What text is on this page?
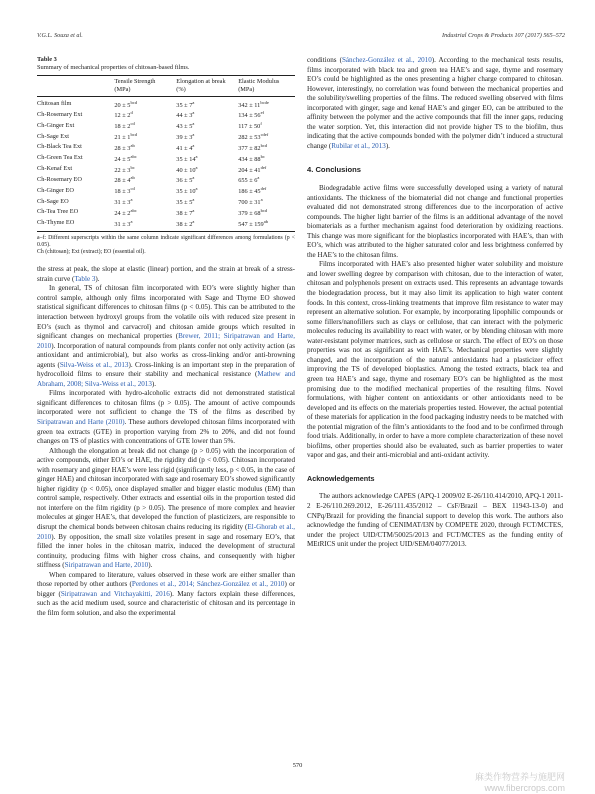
V.G.L. Souza et al.	Industrial Crops & Products 107 (2017) 565–572
Table 3
Summary of mechanical properties of chitosan-based films.
	Tensile Strength (MPa)	Elongation at break (%)	Elastic Modulus (MPa)
Chitosan film	$20 \pm 5^{bcd}$	$35 \pm 7^a$	$342 \pm 11^{bcde}$
Ch-Rosemary Ext	$12 \pm 2^d$	$44 \pm 3^a$	$134 \pm 56^{ef}$
Ch-Ginger Ext	$18 \pm 2^{cd}$	$43 \pm 5^a$	$117 \pm 50^f$
Ch-Sage Ext	$21 \pm 1^{bcd}$	$39 \pm 3^a$	$282 \pm 53^{cdef}$
Ch-Black Tea Ext	$28 \pm 3^{ab}$	$41 \pm 4^a$	$377 \pm 82^{bcd}$
Ch-Green Tea Ext	$24 \pm 5^{abc}$	$35 \pm 14^a$	$434 \pm 88^{bc}$
Ch-Kenaf Ext	$22 \pm 3^{bc}$	$40 \pm 10^a$	$204 \pm 41^{def}$
Ch-Rosemary EO	$28 \pm 4^{ab}$	$36 \pm 5^a$	$655 \pm 6^a$
Ch-Ginger EO	$18 \pm 3^{cd}$	$35 \pm 10^a$	$186 \pm 45^{def}$
Ch-Sage EO	$31 \pm 3^a$	$35 \pm 5^a$	$700 \pm 31^a$
Ch-Tea Tree EO	$24 \pm 2^{abc}$	$38 \pm 7^a$	$379 \pm 68^{bcd}$
Ch-Thyme EO	$31 \pm 3^a$	$38 \pm 2^a$	$547 \pm 159^{ab}$
a–f: Different superscripts within the same column indicate significant differences among formulations (p < 0.05).
Ch (chitosan); Ext (extract); EO (essential oil).

the stress at peak, the slope at elastic (linear) portion, and the strain at break of a stress-strain curve (Table 3).

In general, TS of chitosan film incorporated with EO’s were slightly higher than control sample, although only films incorporated with Sage and Thyme EO showed statistical significant differences to chitosan films (p < 0.05). This can be attributed to the interaction between hydroxyl groups from the volatile oils with reduced size present in EO’s (such as thymol and carvacrol) and chitosan amide groups which resulted in significant changes on mechanical properties (Brewer, 2011; Siripatrawan and Harte, 2010). Incorporation of natural compounds from plants confer not only activity action (as antioxidant and antimicrobial), but also works as cross-linking and/or anti-browning agents (Silva-Weiss et al., 2013). Cross-linking is an important step in the preparation of hydrocolloid films to ensure their stability and mechanical resistance (Mathew and Abraham, 2008; Silva-Weiss et al., 2013).

Films incorporated with hydro-alcoholic extracts did not demonstrated statistical significant differences to chitosan films (p > 0.05). The amount of active compounds incorporated were not sufficient to change the TS of the films as described by Siripatrawan and Harte (2010). These authors developed chitosan films incorporated with green tea extracts (GTE) in proportion varying from 2% to 20%, and did not found changes on TS of plastics with concentrations of GTE lower than 5%.

Although the elongation at break did not change (p > 0.05) with the incorporation of active compounds, either EO’s or HAE, the rigidity did (p < 0.05). Chitosan incorporated with rosemary and ginger HAE’s were less rigid (significantly less, p < 0.05, in the case of ginger HAE) and chitosan incorporated with sage and rosemary EO’s showed significantly higher rigidity (p < 0.05), once displayed smaller and bigger elastic modulus (EM) than control sample, respectively. Other extracts and essential oils in the proportion tested did not interfere on the film rigidity (p > 0.05). The presence of more complex and heavier molecules at ginger HAE’s, that developed the function of plasticizers, are responsible to disrupt the chemical bonds between chitosan chains reducing its rigidity (El-Ghorab et al., 2010). By opposition, the small size volatiles present in sage and rosemary EO’s, that filled the inner holes in the chitosan matrix, induced the development of structural continuity, producing films with higher cross chains, and consequently with higher stiffness (Siripatrawan and Harte, 2010).

When compared to literature, values observed in these work are either smaller than those reported by other authors (Perdones et al., 2014; Sánchez-González et al., 2010) or bigger (Siripatrawan and Vitchayakitti, 2016). Many factors explain these differences, such as the acid medium used, source and characteristic of chitosan and its percentage in the film form solution, and also the experimental

conditions (Sánchez-González et al., 2010). According to the mechanical tests results, films incorporated with black tea and green tea HAE’s and sage, thyme and rosemary EO’s could be highlighted as the ones presenting a higher charge compared to chitosan. However, interestingly, no correlation was found between the mechanical properties and the solubility/swelling properties of the films. The reduced swelling observed with films incorporated with ginger, sage and kenaf HAE’s and ginger EO, can be attributed to the affinity between the polymer and the active compounds that fill the inner gaps, reducing the water sorption. Yet, this interaction did not provide higher TS to the biofilm, thus indicating that the active compounds bonded with the polymer didn’t induced a structural change (Rubilar et al., 2013).

4. Conclusions

Biodegradable active films were successfully developed using a variety of natural antioxidants. The thickness of the biomaterial did not change and functional properties evaluated did not demonstrated strong differences due to the incorporation of active compounds. The higher light barrier of the films is an additional advantage of the novel biomaterials as a further mechanism against food deterioration by oxidizing reactions. This change was more significant for the bioplastics incorporated with HAE’s, than with EO’s, which was attributed to the higher saturated color and less brightness conferred by the HAE’s to the chitosan films.

Films incorporated with HAE’s also presented higher water solubility and moisture and lower swelling degree by comparison with chitosan, due to the interaction of water, chitosan and polyphenols present on extracts used. This represents an advantage towards the biodegradation process, but it may also limit its application to high water content foods. In this context, cross-linking treatments that improve film resistance to water may represent an alternative solution. For example, by incorporating lipophilic compounds or some fillers/nanofillers such as clays or cellulose, that can interact with the polymeric molecules reducing its availability to react with water, or by blending chitosan with more water-resistant polymer matrices, such as cellulose or starch. The effect of EO’s on those properties was not as significant as with HAE’s. Mechanical properties were slightly changed, and the incorporation of the natural antioxidants had a plasticizer effect improving the TS of developed bioplastics. Among the tested extracts, black tea and green tea HAE’s and sage, thyme and rosemary EO’s can be highlighted as the most promising due to the modified mechanical properties of the resulting films. Novel formulations, with higher content on antioxidants or other antioxidants need to be developed and its effects on the materials properties tested. However, the actual potential of these materials for application in the food packaging industry needs to be matched with the potential migration of the film’s antioxidants to the food and to be confirmed through food trials. Additionally, in order to have a more complete characterization of these novel biofilms, other properties should also be evaluated, such as barrier properties to water vapor and gas, and their anti-microbial and anti-oxidant activity.

Acknowledgements

The authors acknowledge CAPES (APQ-1 2009/02 E-26/110.414/2010, APQ-1 2011-2 E-26/110.269.2012, E-26/111.435/2012 – CsF/Brazil – BEX 11943-13-0) and CNPq/Brazil for providing the financial support to develop this work. The authors also acknowledge the funding of CENIMAT/I3N by COMPETE 2020, through FCT/MCTES, under the project UID/CTM/50025/2013 and FCT/MCTES as the funding entity of MEtRICS unit under the project UID/SEM/04077/2013.

570
麻类作物营养与施肥网
www.fibercrops.com
